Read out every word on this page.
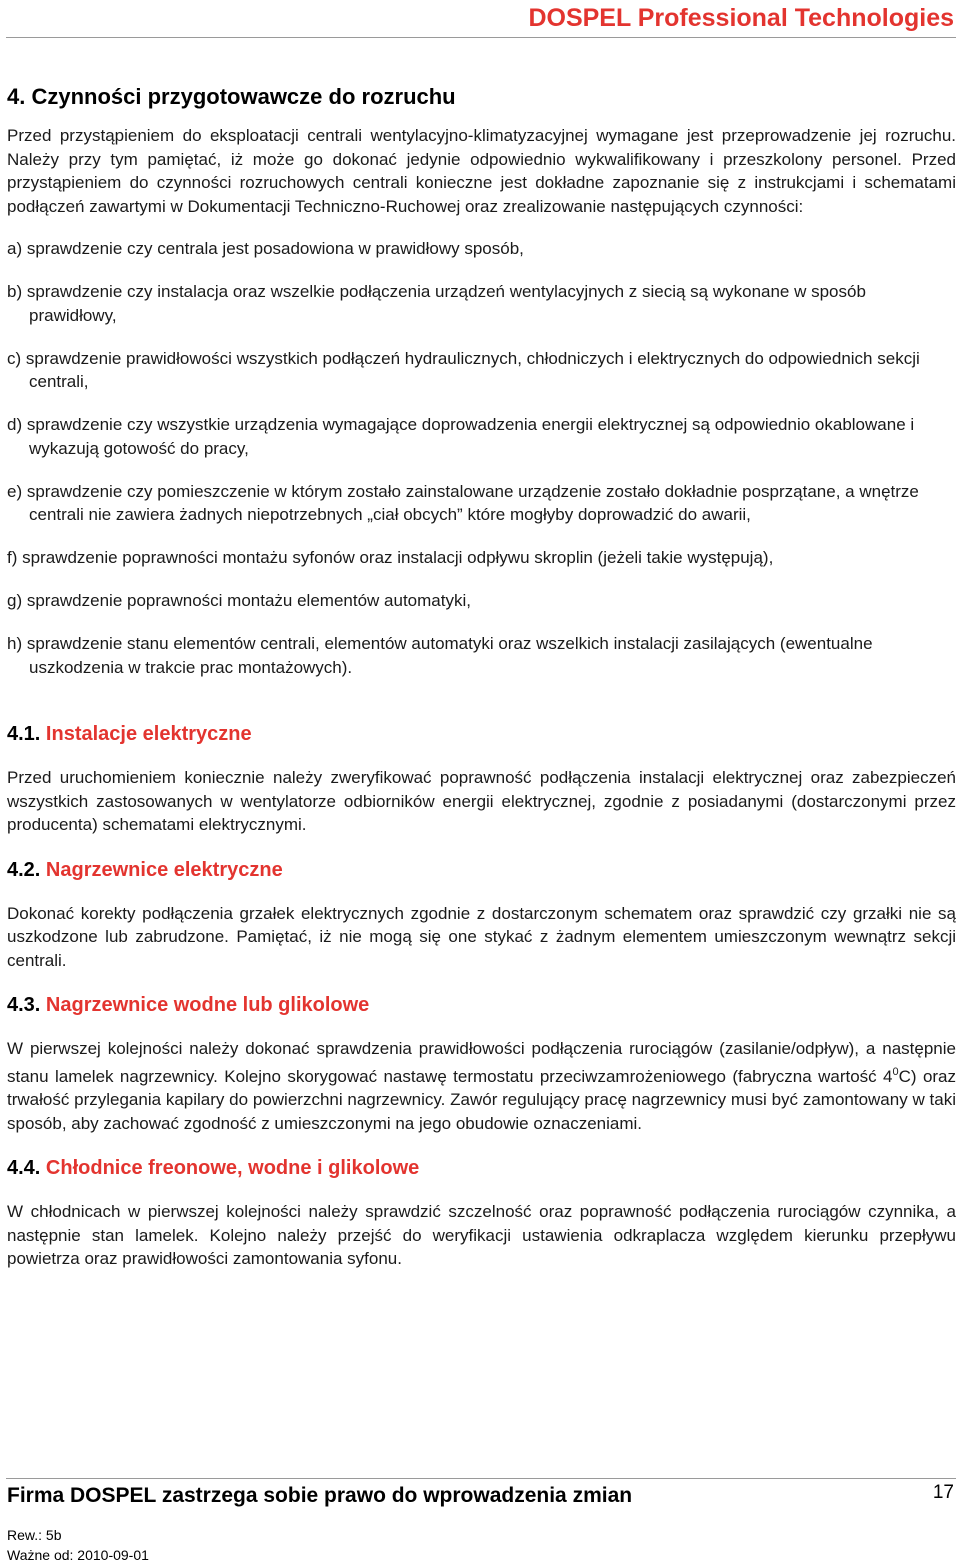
DOSPEL Professional Technologies
4. Czynności przygotowawcze do rozruchu

Przed przystąpieniem do eksploatacji centrali wentylacyjno-klimatyzacyjnej wymagane jest przeprowadzenie jej rozruchu. Należy przy tym pamiętać, iż może go dokonać jedynie odpowiednio wykwalifikowany i przeszkolony personel. Przed przystąpieniem do czynności rozruchowych centrali konieczne jest dokładne zapoznanie się z instrukcjami i schematami podłączeń zawartymi w Dokumentacji Techniczno-Ruchowej oraz zrealizowanie następujących czynności:

a) sprawdzenie czy centrala jest posadowiona w prawidłowy sposób,
b) sprawdzenie czy instalacja oraz wszelkie podłączenia urządzeń wentylacyjnych z siecią są wykonane w sposób prawidłowy,
c) sprawdzenie prawidłowości wszystkich podłączeń hydraulicznych, chłodniczych i elektrycznych do odpowiednich sekcji centrali,
d) sprawdzenie czy wszystkie urządzenia wymagające doprowadzenia energii elektrycznej są odpowiednio okablowane i wykazują gotowość do pracy,
e) sprawdzenie czy pomieszczenie w którym zostało zainstalowane urządzenie zostało dokładnie posprzątane, a wnętrze centrali nie zawiera żadnych niepotrzebnych „ciał obcych” które mogłyby doprowadzić do awarii,
f) sprawdzenie poprawności montażu syfonów oraz instalacji odpływu skroplin (jeżeli takie występują),
g) sprawdzenie poprawności montażu elementów automatyki,
h) sprawdzenie stanu elementów centrali, elementów automatyki oraz wszelkich instalacji zasilających (ewentualne uszkodzenia w trakcie prac montażowych).
4.1. Instalacje elektryczne

Przed uruchomieniem koniecznie należy zweryfikować poprawność podłączenia instalacji elektrycznej oraz zabezpieczeń wszystkich zastosowanych w wentylatorze odbiorników energii elektrycznej, zgodnie z posiadanymi (dostarczonymi przez producenta) schematami elektrycznymi.

4.2. Nagrzewnice elektryczne

Dokonać korekty podłączenia grzałek elektrycznych zgodnie z dostarczonym schematem oraz sprawdzić czy grzałki nie są uszkodzone lub zabrudzone. Pamiętać, iż nie mogą się one stykać z żadnym elementem umieszczonym wewnątrz sekcji centrali.

4.3. Nagrzewnice wodne lub glikolowe

W pierwszej kolejności należy dokonać sprawdzenia prawidłowości podłączenia rurociągów (zasilanie/odpływ), a następnie stanu lamelek nagrzewnicy. Kolejno skorygować nastawę termostatu przeciwzamrożeniowego (fabryczna wartość $4^0C$) oraz trwałość przylegania kapilary do powierzchni nagrzewnicy. Zawór regulujący pracę nagrzewnicy musi być zamontowany w taki sposób, aby zachować zgodność z umieszczonymi na jego obudowie oznaczeniami.

4.4. Chłodnice freonowe, wodne i glikolowe

W chłodnicach w pierwszej kolejności należy sprawdzić szczelność oraz poprawność podłączenia rurociągów czynnika, a następnie stan lamelek. Kolejno należy przejść do weryfikacji ustawienia odkraplacza względem kierunku przepływu powietrza oraz prawidłowości zamontowania syfonu.

Firma DOSPEL zastrzega sobie prawo do wprowadzenia zmian	17
Rew.: 5b
Ważne od: 2010-09-01
